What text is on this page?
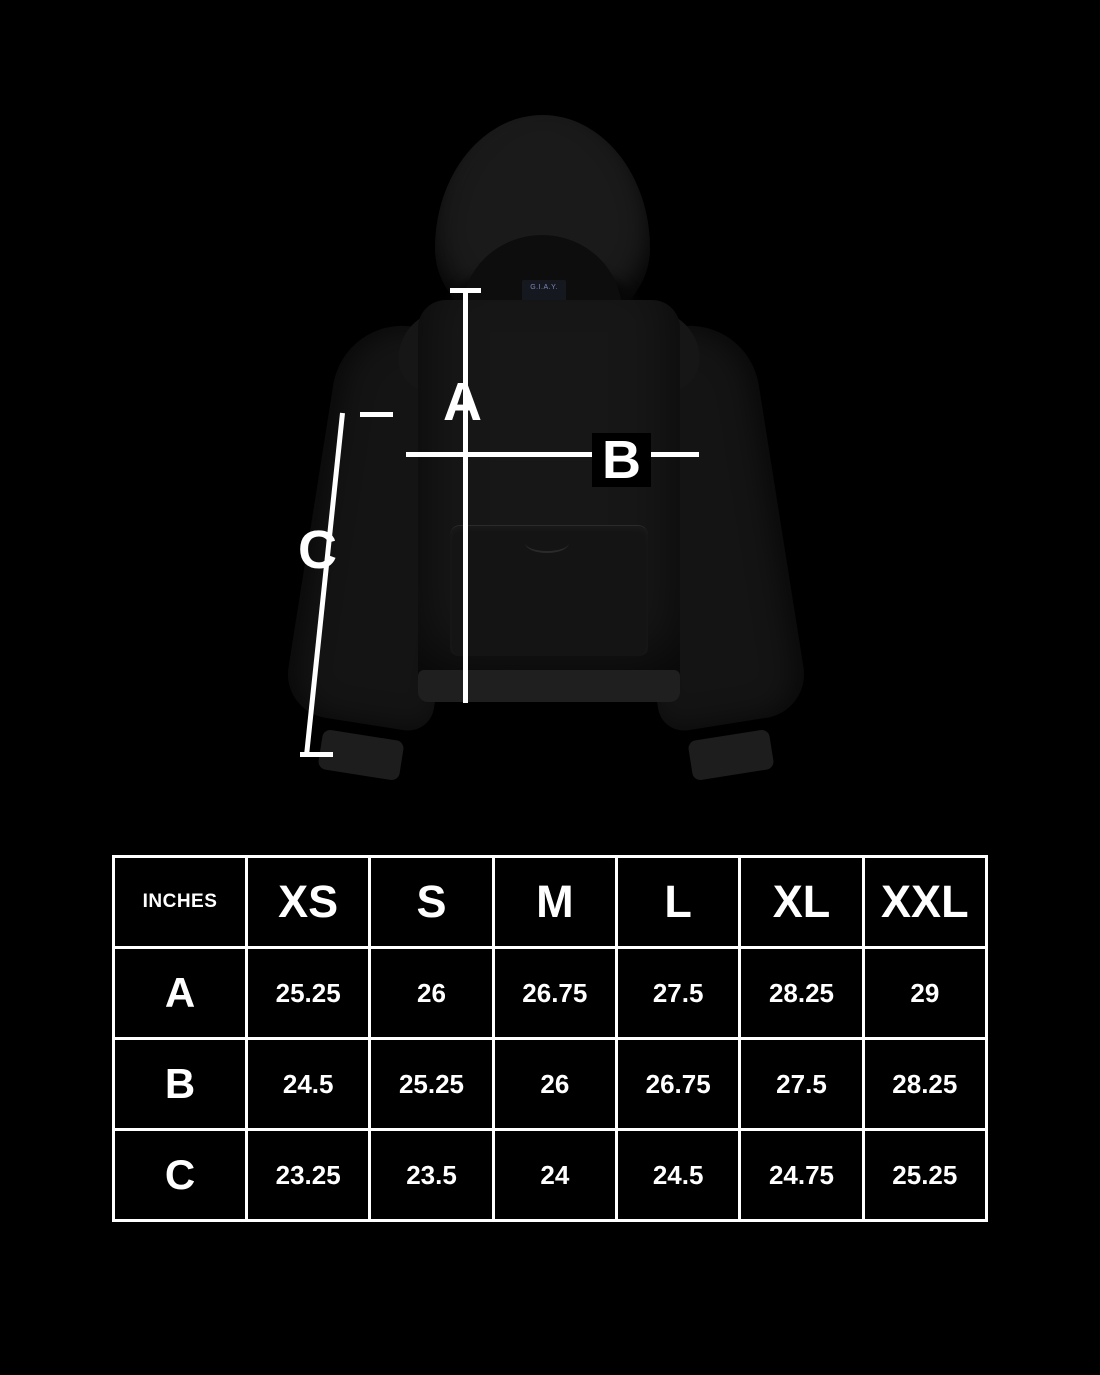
G.I.A.Y.
A
B
C
INCHES	XS	S	M	L	XL	XXL
A	25.25	26	26.75	27.5	28.25	29
B	24.5	25.25	26	26.75	27.5	28.25
C	23.25	23.5	24	24.5	24.75	25.25
